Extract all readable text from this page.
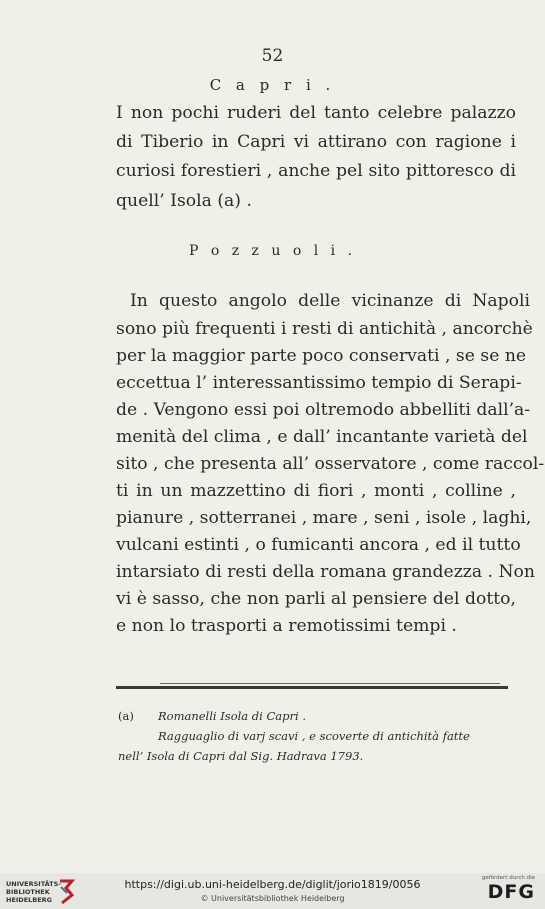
52
C a p r i .
I non pochi ruderi del tanto celebre palazzo
di Tiberio in Capri vi attirano con ragione i
curiosi forestieri , anche pel sito pittoresco di
quell’ Isola (a) .
P o z z u o l i .
In questo angolo delle vicinanze di Napoli
sono più frequenti i resti di antichità , ancorchè
per la maggior parte poco conservati , se se ne
eccettua l’ interessantissimo tempio di Serapi-
de . Vengono essi poi oltremodo abbelliti dall’a-
menità del clima , e dall’ incantante varietà del
sito , che presenta all’ osservatore , come raccol-
ti in un mazzettino di fiori , monti , colline ,
pianure , sotterranei , mare , seni , isole , laghi,
vulcani estinti , o fumicanti ancora , ed il tutto
intarsiato di resti della romana grandezza . Non
vi è sasso, che non parli al pensiere del dotto,
e non lo trasporti a remotissimi tempi .
(a) Romanelli Isola di Capri .
Ragguaglio di varj scavi , e scoverte di antichità fatte
nell’ Isola di Capri dal Sig. Hadrava 1793.
UNIVERSITÄTS-
BIBLIOTHEK
HEIDELBERG
https://digi.ub.uni-heidelberg.de/diglit/jorio1819/0056
© Universitätsbibliothek Heidelberg
gefördert durch die
DFG
